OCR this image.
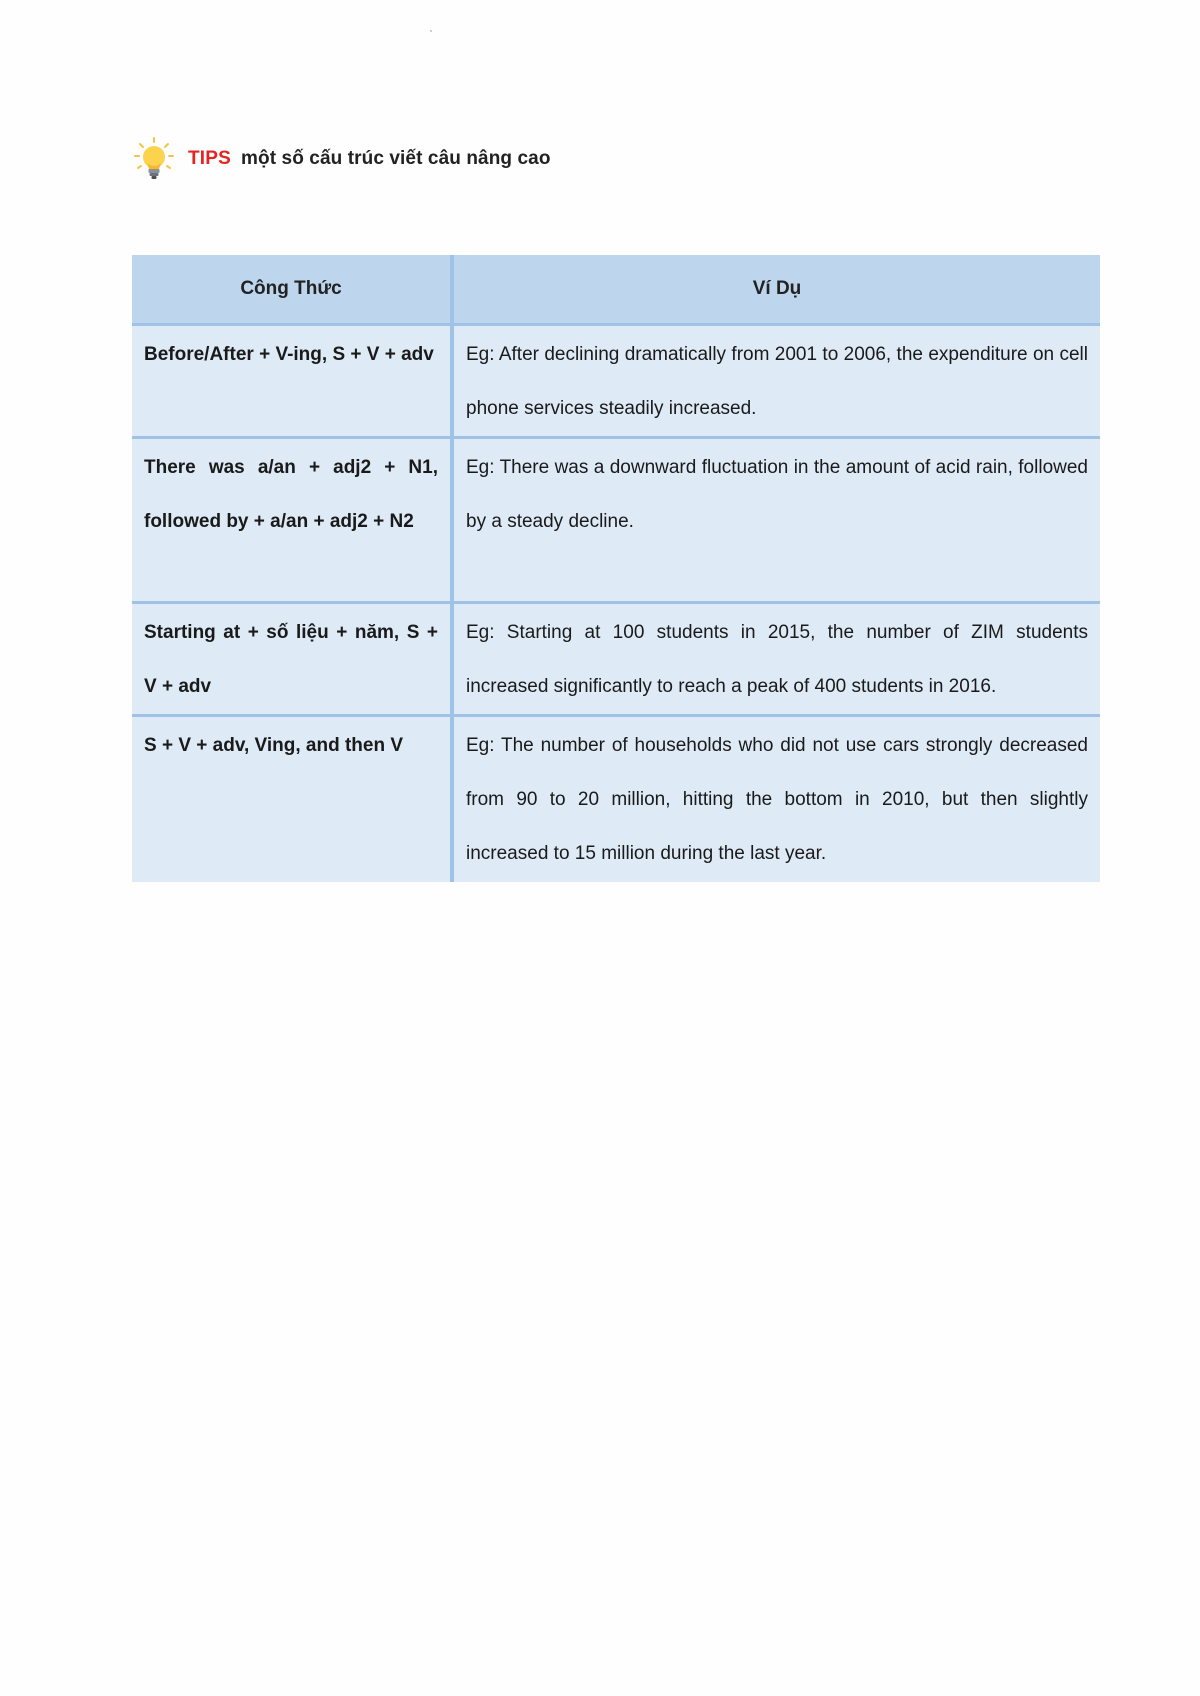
TIPS một số cấu trúc viết câu nâng cao
Công Thức	Ví Dụ

Before/After + V-ing, S + V + adv	Eg: After declining dramatically from 2001 to 2006, the expenditure on cell phone services steadily increased.

There was a/an + adj2 + N1, followed by + a/an + adj2 + N2	Eg: There was a downward fluctuation in the amount of acid rain, followed by a steady decline.

Starting at + số liệu + năm, S + V + adv	Eg: Starting at 100 students in 2015, the number of ZIM students increased significantly to reach a peak of 400 students in 2016.

S + V + adv, Ving, and then V	Eg: The number of households who did not use cars strongly decreased from 90 to 20 million, hitting the bottom in 2010, but then slightly increased to 15 million during the last year.
